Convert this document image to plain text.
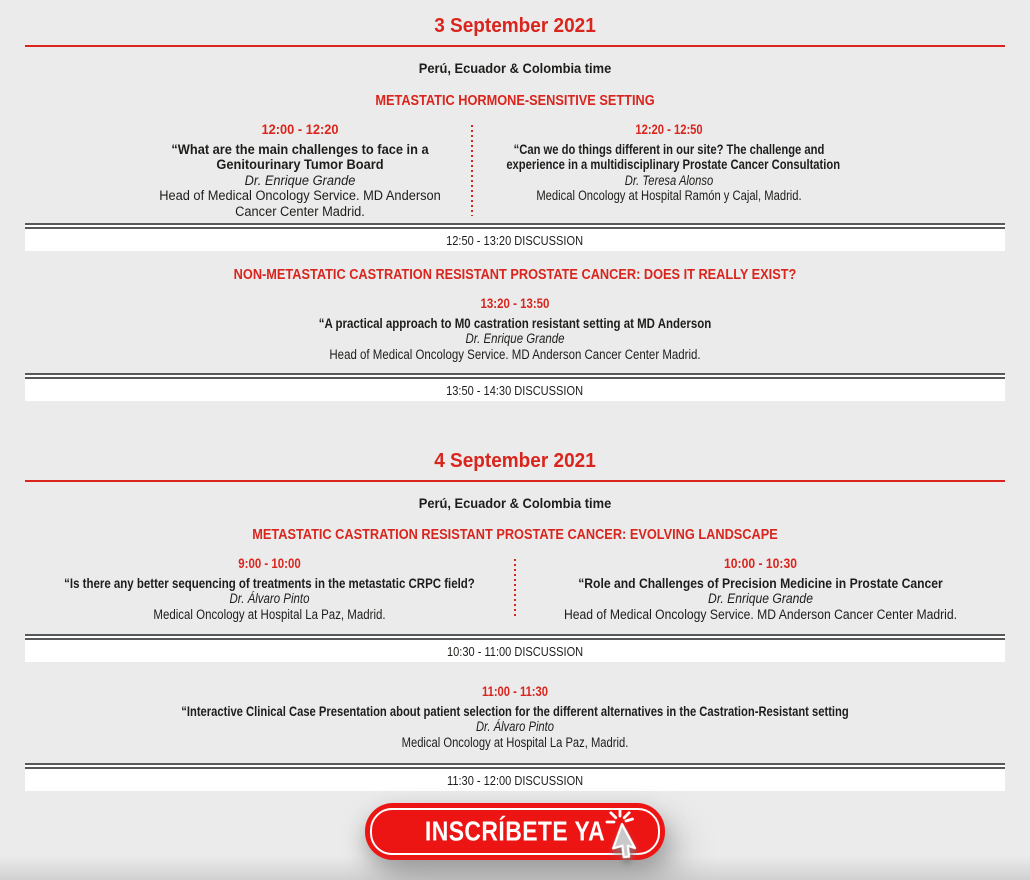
3 September 2021

Perú, Ecuador & Colombia time

METASTATIC HORMONE-SENSITIVE SETTING

12:00 - 12:20
“What are the main challenges to face in a
Genitourinary Tumor Board
Dr. Enrique Grande
Head of Medical Oncology Service. MD Anderson
Cancer Center Madrid.
12:20 - 12:50
“Can we do things different in our site? The challenge and
experience in a multidisciplinary Prostate Cancer Consultation
Dr. Teresa Alonso
Medical Oncology at Hospital Ramón y Cajal, Madrid.
12:50 - 13:20 DISCUSSION

NON-METASTATIC CASTRATION RESISTANT PROSTATE CANCER: DOES IT REALLY EXIST?

13:20 - 13:50
“A practical approach to M0 castration resistant setting at MD Anderson
Dr. Enrique Grande
Head of Medical Oncology Service. MD Anderson Cancer Center Madrid.
13:50 - 14:30 DISCUSSION
4 September 2021

Perú, Ecuador & Colombia time

METASTATIC CASTRATION RESISTANT PROSTATE CANCER: EVOLVING LANDSCAPE

9:00 - 10:00
“Is there any better sequencing of treatments in the metastatic CRPC field?
Dr. Álvaro Pinto
Medical Oncology at Hospital La Paz, Madrid.
10:00 - 10:30
“Role and Challenges of Precision Medicine in Prostate Cancer
Dr. Enrique Grande
Head of Medical Oncology Service. MD Anderson Cancer Center Madrid.
10:30 - 11:00 DISCUSSION
11:00 - 11:30
“Interactive Clinical Case Presentation about patient selection for the different alternatives in the Castration-Resistant setting
Dr. Álvaro Pinto
Medical Oncology at Hospital La Paz, Madrid.
11:30 - 12:00 DISCUSSION
INSCRÍBETE YA
